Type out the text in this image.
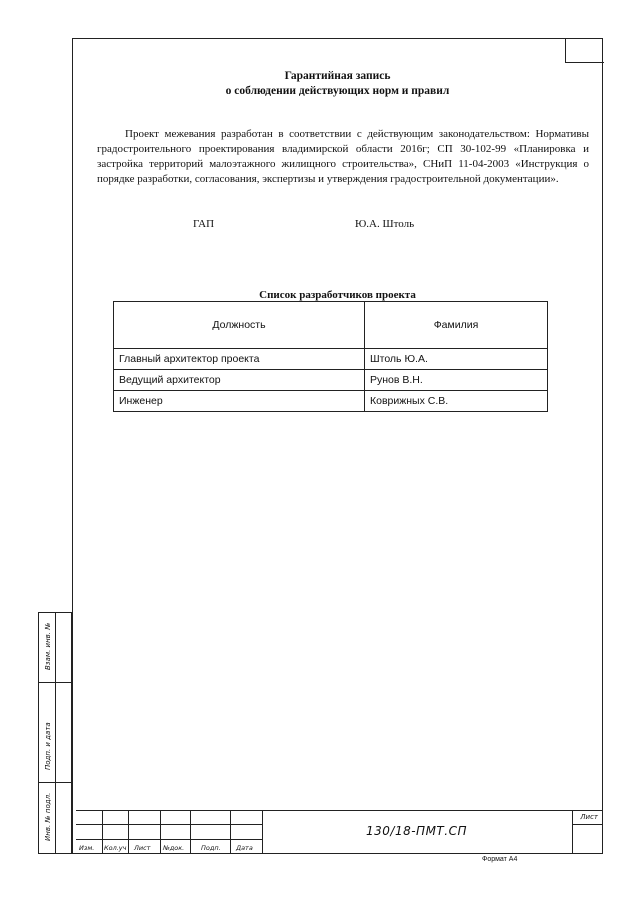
Гарантийная запись
о соблюдении действующих норм и правил
Проект межевания разработан в соответствии с действующим законодательством: Нормативы градостроительного проектирования владимирской области 2016г; СП 30-102-99 «Планировка и застройка территорий малоэтажного жилищного строительства», СНиП 11-04-2003 «Инструкция о порядке разработки, согласования, экспертизы и утверждения градостроительной документации».
ГАП	Ю.А. Штоль
Список разработчиков проекта
Должность	Фамилия
Главный архитектор проекта	Штоль Ю.А.
Ведущий архитектор	Рунов В.Н.
Инженер	Коврижных С.В.
Взам. инв. №
Подп. и дата
Инв. № подл.
Изм. Кол.уч Лист №док.	Подп. Дата
130/18-ПМТ.СП
Лист
Формат А4
